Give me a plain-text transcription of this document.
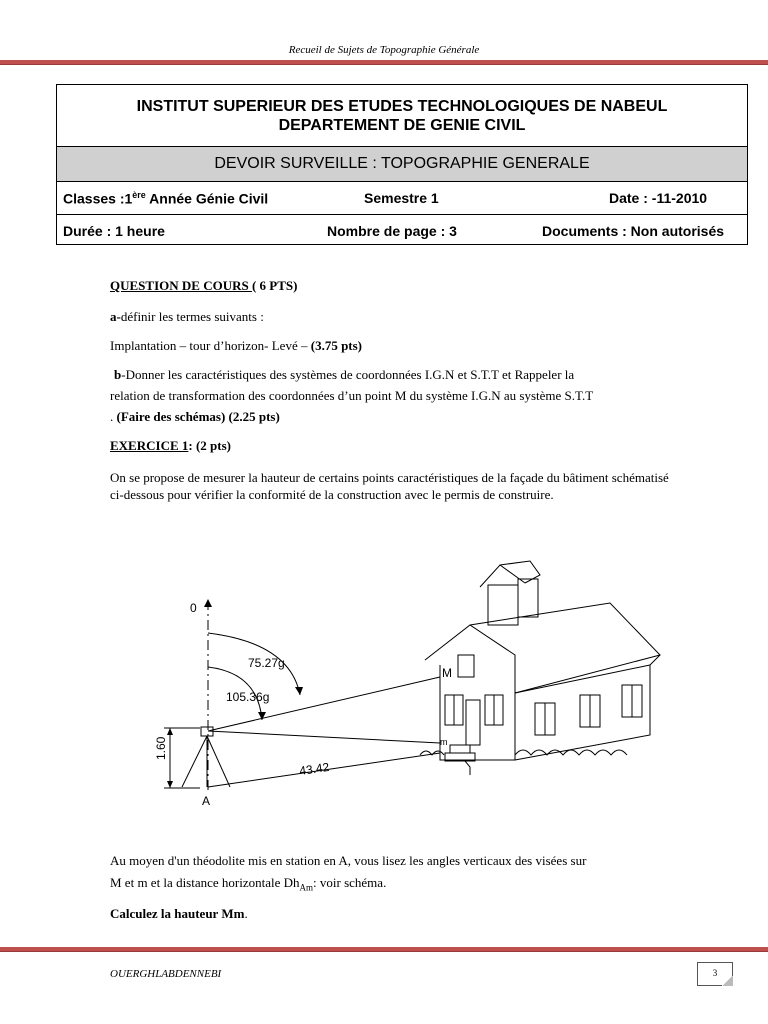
Recueil de Sujets de Topographie Générale
INSTITUT SUPERIEUR DES ETUDES TECHNOLOGIQUES DE NABEUL
DEPARTEMENT DE GENIE CIVIL
DEVOIR SURVEILLE : TOPOGRAPHIE GENERALE
Classes :1ère Année Génie Civil	Semestre 1	Date : -11-2010
Durée : 1 heure	Nombre de page : 3	Documents : Non autorisés
QUESTION DE COURS ( 6 PTS)
a-définir les termes suivants :
Implantation – tour d’horizon- Levé – (3.75 pts)
b-Donner les caractéristiques des systèmes de coordonnées I.G.N et S.T.T et Rappeler la
relation de transformation des coordonnées d’un point M du système I.G.N au système S.T.T
. (Faire des schémas) (2.25 pts)
EXERCICE 1: (2 pts)
On se propose de mesurer la hauteur de certains points caractéristiques de la façade du bâtiment schématisé ci-dessous pour vérifier la conformité de la construction avec le permis de construire.
0
75.27g
105.36g
1.60
43.42
A
M
m
Au moyen d'un théodolite mis en station en A, vous lisez les angles verticaux des visées sur
M et m et la distance horizontale $Dh_{Am}$: voir schéma.
Calculez la hauteur Mm.
OUERGHLABDENNEBI	3
